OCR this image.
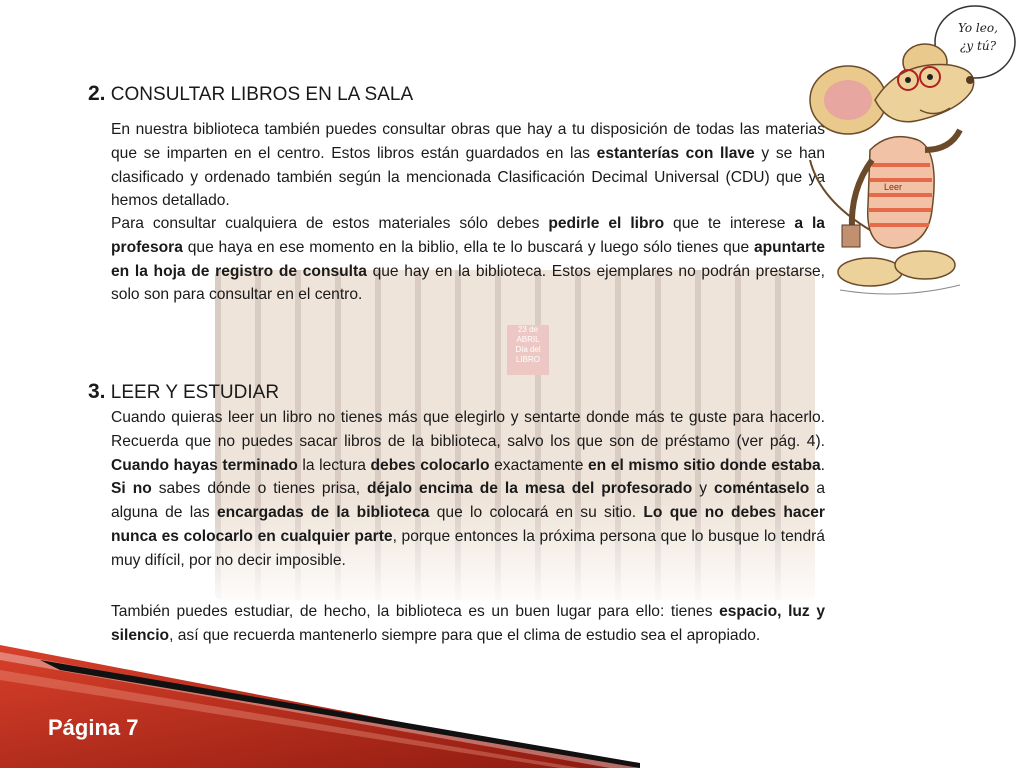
23 de
ABRIL
Día del
LIBRO
2. CONSULTAR LIBROS EN LA SALA

En nuestra biblioteca también puedes consultar obras que hay a tu disposición de todas las materias que se imparten en el centro. Estos libros están guardados en las estanterías con llave y se han clasificado y ordenado también según la mencionada Clasificación Decimal Universal (CDU) que ya hemos detallado.

Para consultar cualquiera de estos materiales sólo debes pedirle el libro que te interese a la profesora que haya en ese momento en la biblio, ella te lo buscará y luego sólo tienes que apuntarte en la hoja de registro de consulta que hay en la biblioteca. Estos ejemplares no podrán prestarse, solo son para consultar en el centro.

3. LEER Y ESTUDIAR

Cuando quieras leer un libro no tienes más que elegirlo y sentarte donde más te guste para hacerlo. Recuerda que no puedes sacar libros de la biblioteca, salvo los que son de préstamo (ver pág. 4). Cuando hayas terminado la lectura debes colocarlo exactamente en el mismo sitio donde estaba. Si no sabes dónde o tienes prisa, déjalo encima de la mesa del profesorado y coméntaselo a alguna de las encargadas de la biblioteca que lo colocará en su sitio. Lo que no debes hacer nunca es colocarlo en cualquier parte, porque entonces la próxima persona que lo busque lo tendrá muy difícil, por no decir imposible.

También puedes estudiar, de hecho, la biblioteca es un buen lugar para ello: tienes espacio, luz y silencio, así que recuerda mantenerlo siempre para que el clima de estudio sea el apropiado.

Yo leo,
¿y tú?
Leer
Página 7
